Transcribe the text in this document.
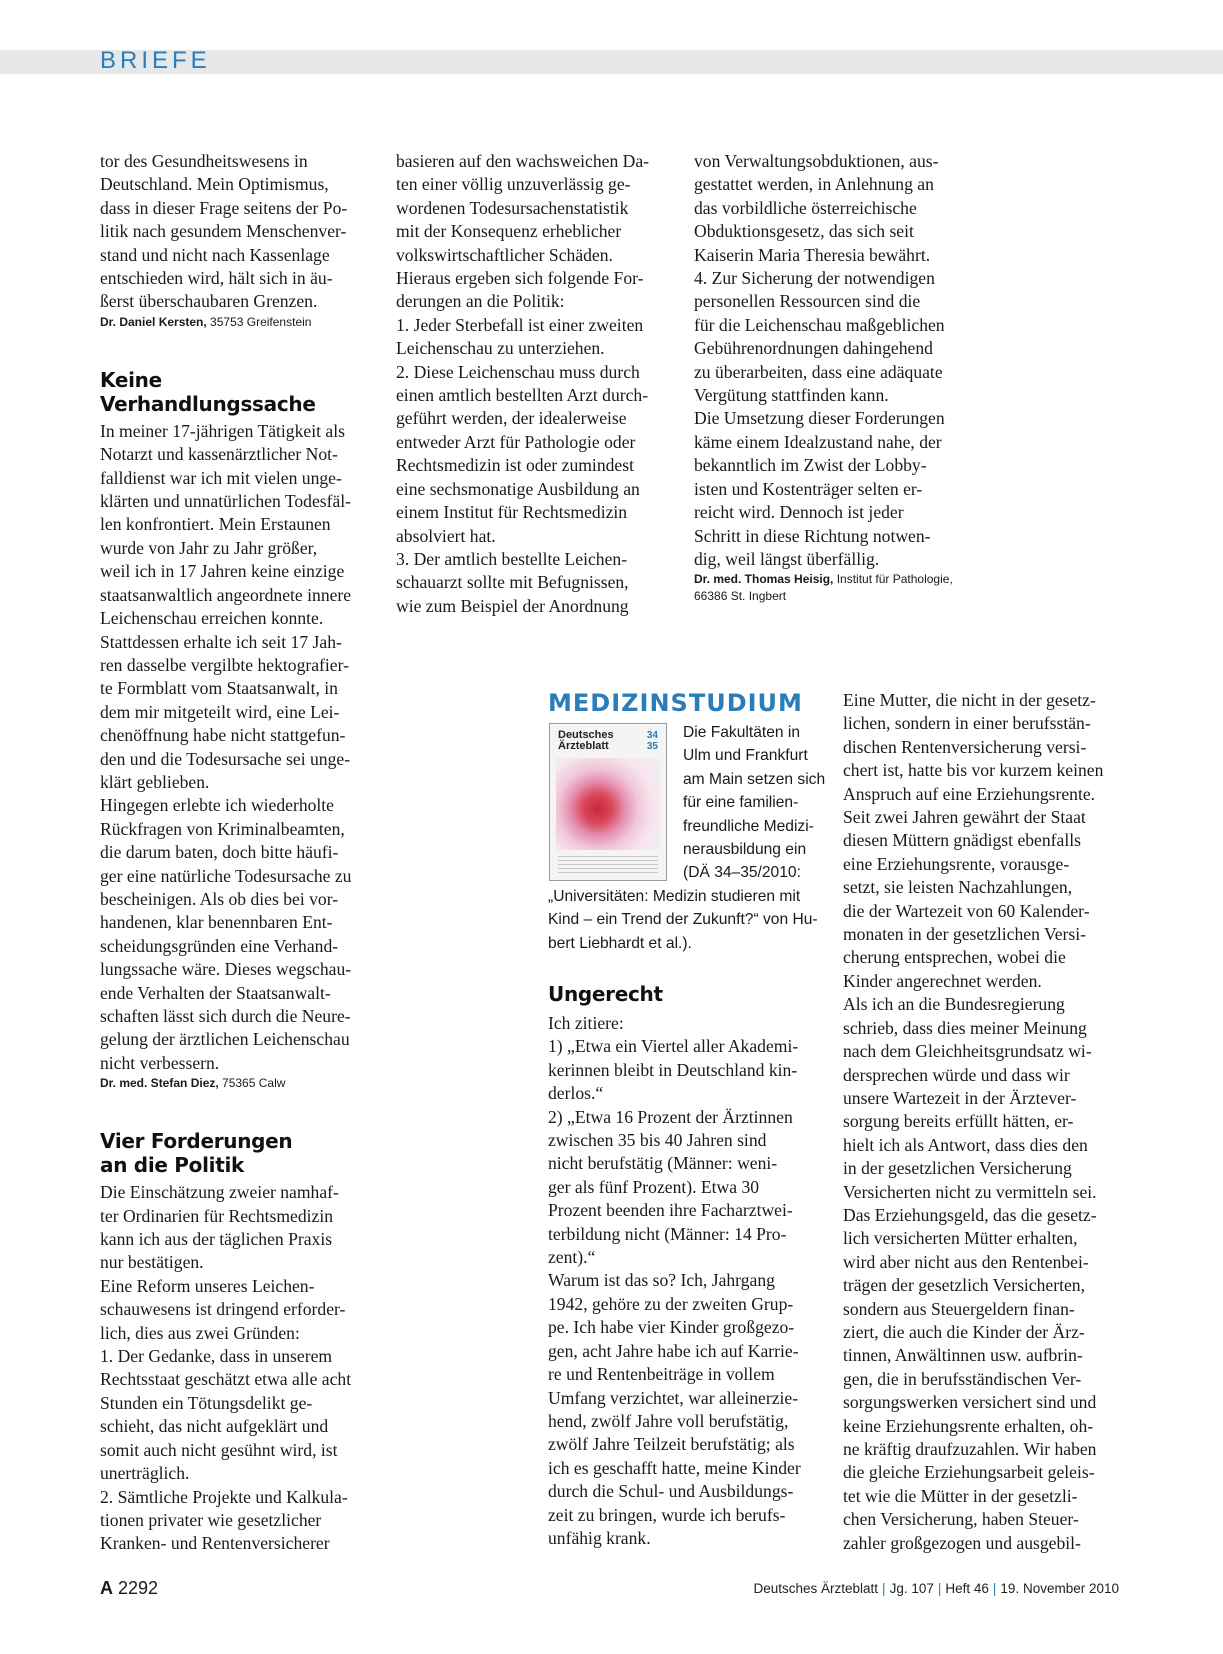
BRIEFE

tor des Gesundheitswesens in
Deutschland. Mein Optimismus,
dass in dieser Frage seitens der Po-
litik nach gesundem Menschenver-
stand und nicht nach Kassenlage
entschieden wird, hält sich in äu-
ßerst überschaubaren Grenzen.

Dr. Daniel Kersten, 35753 Greifenstein

Keine Verhandlungssache

In meiner 17-jährigen Tätigkeit als
Notarzt und kassenärztlicher Not-
falldienst war ich mit vielen unge-
klärten und unnatürlichen Todesfäl-
len konfrontiert. Mein Erstaunen
wurde von Jahr zu Jahr größer,
weil ich in 17 Jahren keine einzige
staatsanwaltlich angeordnete innere
Leichenschau erreichen konnte.
Stattdessen erhalte ich seit 17 Jah-
ren dasselbe vergilbte hektografier-
te Formblatt vom Staatsanwalt, in
dem mir mitgeteilt wird, eine Lei-
chenöffnung habe nicht stattgefun-
den und die Todesursache sei unge-
klärt geblieben.
Hingegen erlebte ich wiederholte
Rückfragen von Kriminalbeamten,
die darum baten, doch bitte häufi-
ger eine natürliche Todesursache zu
bescheinigen. Als ob dies bei vor-
handenen, klar benennbaren Ent-
scheidungsgründen eine Verhand-
lungssache wäre. Dieses wegschau-
ende Verhalten der Staatsanwalt-
schaften lässt sich durch die Neure-
gelung der ärztlichen Leichenschau
nicht verbessern.

Dr. med. Stefan Diez, 75365 Calw

Vier Forderungen
an die Politik

Die Einschätzung zweier namhaf-
ter Ordinarien für Rechtsmedizin
kann ich aus der täglichen Praxis
nur bestätigen.
Eine Reform unseres Leichen-
schauwesens ist dringend erforder-
lich, dies aus zwei Gründen:
1. Der Gedanke, dass in unserem
Rechtsstaat geschätzt etwa alle acht
Stunden ein Tötungsdelikt ge-
schieht, das nicht aufgeklärt und
somit auch nicht gesühnt wird, ist
unerträglich.
2. Sämtliche Projekte und Kalkula-
tionen privater wie gesetzlicher
Kranken- und Rentenversicherer

basieren auf den wachsweichen Da-
ten einer völlig unzuverlässig ge-
wordenen Todesursachenstatistik
mit der Konsequenz erheblicher
volkswirtschaftlicher Schäden.
Hieraus ergeben sich folgende For-
derungen an die Politik:
1. Jeder Sterbefall ist einer zweiten
Leichenschau zu unterziehen.
2. Diese Leichenschau muss durch
einen amtlich bestellten Arzt durch-
geführt werden, der idealerweise
entweder Arzt für Pathologie oder
Rechtsmedizin ist oder zumindest
eine sechsmonatige Ausbildung an
einem Institut für Rechtsmedizin
absolviert hat.
3. Der amtlich bestellte Leichen-
schauarzt sollte mit Befugnissen,
wie zum Beispiel der Anordnung

von Verwaltungsobduktionen, aus-
gestattet werden, in Anlehnung an
das vorbildliche österreichische
Obduktionsgesetz, das sich seit
Kaiserin Maria Theresia bewährt.
4. Zur Sicherung der notwendigen
personellen Ressourcen sind die
für die Leichenschau maßgeblichen
Gebührenordnungen dahingehend
zu überarbeiten, dass eine adäquate
Vergütung stattfinden kann.
Die Umsetzung dieser Forderungen
käme einem Idealzustand nahe, der
bekanntlich im Zwist der Lobby-
isten und Kostenträger selten er-
reicht wird. Dennoch ist jeder
Schritt in diese Richtung notwen-
dig, weil längst überfällig.

Dr. med. Thomas Heisig, Institut für Pathologie,
66386 St. Ingbert

MEDIZINSTUDIUM
Deutsches Ärzteblatt
34
35
Die Fakultäten in
Ulm und Frankfurt
am Main setzen sich
für eine familien-
freundliche Medizi-
nerausbildung ein
(DÄ 34–35/2010:
„Universitäten: Medizin studieren mit
Kind – ein Trend der Zukunft?“ von Hu-
bert Liebhardt et al.).
Ungerecht

Ich zitiere:
1) „Etwa ein Viertel aller Akademi-
kerinnen bleibt in Deutschland kin-
derlos.“
2) „Etwa 16 Prozent der Ärztinnen
zwischen 35 bis 40 Jahren sind
nicht berufstätig (Männer: weni-
ger als fünf Prozent). Etwa 30
Prozent beenden ihre Facharztwei-
terbildung nicht (Männer: 14 Pro-
zent).“
Warum ist das so? Ich, Jahrgang
1942, gehöre zu der zweiten Grup-
pe. Ich habe vier Kinder großgezo-
gen, acht Jahre habe ich auf Karrie-
re und Rentenbeiträge in vollem
Umfang verzichtet, war alleinerzie-
hend, zwölf Jahre voll berufstätig,
zwölf Jahre Teilzeit berufstätig; als
ich es geschafft hatte, meine Kinder
durch die Schul- und Ausbildungs-
zeit zu bringen, wurde ich berufs-
unfähig krank.

Eine Mutter, die nicht in der gesetz-
lichen, sondern in einer berufsstän-
dischen Rentenversicherung versi-
chert ist, hatte bis vor kurzem keinen
Anspruch auf eine Erziehungsrente.
Seit zwei Jahren gewährt der Staat
diesen Müttern gnädigst ebenfalls
eine Erziehungsrente, vorausge-
setzt, sie leisten Nachzahlungen,
die der Wartezeit von 60 Kalender-
monaten in der gesetzlichen Versi-
cherung entsprechen, wobei die
Kinder angerechnet werden.
Als ich an die Bundesregierung
schrieb, dass dies meiner Meinung
nach dem Gleichheitsgrundsatz wi-
dersprechen würde und dass wir
unsere Wartezeit in der Ärztever-
sorgung bereits erfüllt hätten, er-
hielt ich als Antwort, dass dies den
in der gesetzlichen Versicherung
Versicherten nicht zu vermitteln sei.
Das Erziehungsgeld, das die gesetz-
lich versicherten Mütter erhalten,
wird aber nicht aus den Rentenbei-
trägen der gesetzlich Versicherten,
sondern aus Steuergeldern finan-
ziert, die auch die Kinder der Ärz-
tinnen, Anwältinnen usw. aufbrin-
gen, die in berufsständischen Ver-
sorgungswerken versichert sind und
keine Erziehungsrente erhalten, oh-
ne kräftig draufzuzahlen. Wir haben
die gleiche Erziehungsarbeit geleis-
tet wie die Mütter in der gesetzli-
chen Versicherung, haben Steuer-
zahler großgezogen und ausgebil-

A 2292	Deutsches Ärzteblatt | Jg. 107 | Heft 46 | 19. November 2010
